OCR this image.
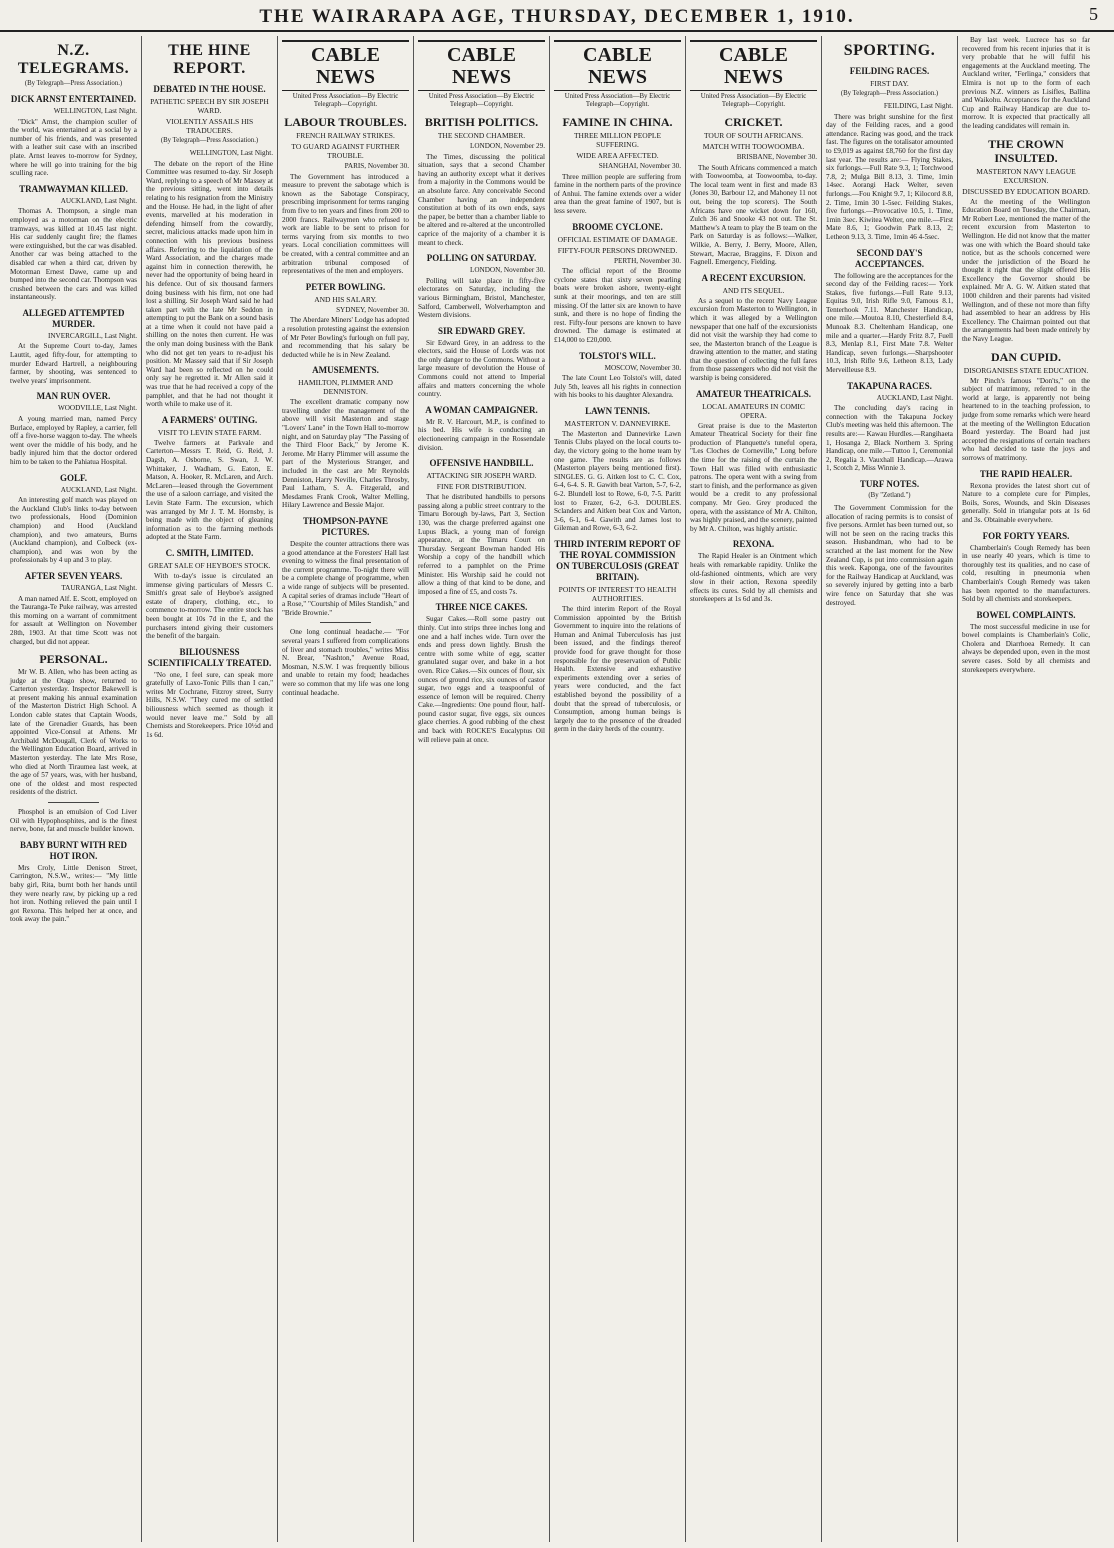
THE WAIRARAPA AGE, THURSDAY, DECEMBER 1, 1910.	5
N.Z. TELEGRAMS.
(By Telegraph—Press Association.)
DICK ARNST ENTERTAINED.
WELLINGTON, Last Night.

"Dick" Arnst, the champion sculler of the world, was entertained at a social by a number of his friends, and was presented with a leather suit case with an inscribed plate. Arnst leaves to-morrow for Sydney, where he will go into training for the big sculling race.

TRAMWAYMAN KILLED.
AUCKLAND, Last Night.

Thomas A. Thompson, a single man employed as a motorman on the electric tramways, was killed at 10.45 last night. His car suddenly caught fire; the flames were extinguished, but the car was disabled. Another car was being attached to the disabled car when a third car, driven by Motorman Ernest Dawe, came up and bumped into the second car. Thompson was crushed between the cars and was killed instantaneously.

ALLEGED ATTEMPTED MURDER.
INVERCARGILL, Last Night.

At the Supreme Court to-day, James Lauttit, aged fifty-four, for attempting to murder Edward Hartrell, a neighbouring farmer, by shooting, was sentenced to twelve years' imprisonment.

MAN RUN OVER.
WOODVILLE, Last Night.

A young married man, named Percy Burlace, employed by Rapley, a carrier, fell off a five-horse waggon to-day. The wheels went over the middle of his body, and he badly injured him that the doctor ordered him to be taken to the Pahiatua Hospital.

GOLF.
AUCKLAND, Last Night.

An interesting golf match was played on the Auckland Club's links to-day between two professionals, Hood (Dominion champion) and Hood (Auckland champion), and two amateurs, Burns (Auckland champion), and Colbeck (ex-champion), and was won by the professionals by 4 up and 3 to play.

AFTER SEVEN YEARS.
TAURANGA, Last Night.

A man named Alf. E. Scott, employed on the Tauranga-Te Puke railway, was arrested this morning on a warrant of commitment for assault at Wellington on November 28th, 1903. At that time Scott was not charged, but did not appear.

PERSONAL.

Mr W. B. Allen, who has been acting as judge at the Otago show, returned to Carterton yesterday. Inspector Bakewell is at present making his annual examination of the Masterton District High School. A London cable states that Captain Woods, late of the Grenadier Guards, has been appointed Vice-Consul at Athens. Mr Archibald McDougall, Clerk of Works to the Wellington Education Board, arrived in Masterton yesterday. The late Mrs Rose, who died at North Tiraumea last week, at the age of 57 years, was, with her husband, one of the oldest and most respected residents of the district.

Phosphol is an emulsion of Cod Liver Oil with Hypophosphites, and is the finest nerve, bone, fat and muscle builder known.

BABY BURNT WITH RED HOT IRON.

Mrs Croly, Little Denison Street, Carrington, N.S.W., writes:— "My little baby girl, Rita, burnt both her hands until they were nearly raw, by picking up a red hot iron. Nothing relieved the pain until I got Rexona. This helped her at once, and took away the pain."

THE HINE REPORT.
DEBATED IN THE HOUSE.
PATHETIC SPEECH BY SIR JOSEPH WARD.
VIOLENTLY ASSAILS HIS TRADUCERS.
(By Telegraph—Press Association.)
WELLINGTON, Last Night.

The debate on the report of the Hine Committee was resumed to-day. Sir Joseph Ward, replying to a speech of Mr Massey at the previous sitting, went into details relating to his resignation from the Ministry and the House. He had, in the light of after events, marvelled at his moderation in defending himself from the cowardly, secret, malicious attacks made upon him in connection with his previous business affairs. Referring to the liquidation of the Ward Association, and the charges made against him in connection therewith, he never had the opportunity of being heard in his defence. Out of six thousand farmers doing business with his firm, not one had lost a shilling. Sir Joseph Ward said he had taken part with the late Mr Seddon in attempting to put the Bank on a sound basis at a time when it could not have paid a shilling on the notes then current. He was the only man doing business with the Bank who did not get ten years to re-adjust his position. Mr Massey said that if Sir Joseph Ward had been so reflected on he could only say he regretted it. Mr Allen said it was true that he had received a copy of the pamphlet, and that he had not thought it worth while to make use of it.

A FARMERS' OUTING.
VISIT TO LEVIN STATE FARM.

Twelve farmers at Parkvale and Carterton—Messrs T. Reid, G. Reid, J. Dagsh, A. Osborne, S. Swan, J. W. Whittaker, J. Wadham, G. Eaton, E. Matson, A. Hooker, R. McLaren, and Arch. McLaren—leased through the Government the use of a saloon carriage, and visited the Levin State Farm. The excursion, which was arranged by Mr J. T. M. Hornsby, is being made with the object of gleaning information as to the farming methods adopted at the State Farm.

C. SMITH, LIMITED.
GREAT SALE OF HEYBOE'S STOCK.

With to-day's issue is circulated an immense giving particulars of Messrs C. Smith's great sale of Heyboe's assigned estate of drapery, clothing, etc., to commence to-morrow. The entire stock has been bought at 10s 7d in the £, and the purchasers intend giving their customers the benefit of the bargain.

BILIOUSNESS SCIENTIFICALLY TREATED.

"No one, I feel sure, can speak more gratefully of Laxo-Tonic Pills than I can," writes Mr Cochrane, Fitzroy street, Surry Hills, N.S.W. "They cured me of settled biliousness which seemed as though it would never leave me." Sold by all Chemists and Storekeepers. Price 10½d and 1s 6d.

CABLE NEWS
United Press Association—By Electric Telegraph—Copyright.
LABOUR TROUBLES.
FRENCH RAILWAY STRIKES.
TO GUARD AGAINST FURTHER TROUBLE.
PARIS, November 30.

The Government has introduced a measure to prevent the sabotage which is known as the Sabotage Conspiracy, prescribing imprisonment for terms ranging from five to ten years and fines from 200 to 2000 francs. Railwaymen who refused to work are liable to be sent to prison for terms varying from six months to two years. Local conciliation committees will be created, with a central committee and an arbitration tribunal composed of representatives of the men and employers.

PETER BOWLING.
AND HIS SALARY.
SYDNEY, November 30.

The Aberdare Miners' Lodge has adopted a resolution protesting against the extension of Mr Peter Bowling's furlough on full pay, and recommending that his salary be deducted while he is in New Zealand.

AMUSEMENTS.
HAMILTON, PLIMMER AND DENNISTON.

The excellent dramatic company now travelling under the management of the above will visit Masterton and stage "Lovers' Lane" in the Town Hall to-morrow night, and on Saturday play "The Passing of the Third Floor Back," by Jerome K. Jerome. Mr Harry Plimmer will assume the part of the Mysterious Stranger, and included in the cast are Mr Reynolds Denniston, Harry Neville, Charles Throsby, Paul Latham, S. A. Fitzgerald, and Mesdames Frank Crook, Walter Melling, Hilary Lawrence and Bessie Major.

THOMPSON-PAYNE PICTURES.

Despite the counter attractions there was a good attendance at the Foresters' Hall last evening to witness the final presentation of the current programme. To-night there will be a complete change of programme, when a wide range of subjects will be presented. A capital series of dramas include "Heart of a Rose," "Courtship of Miles Standish," and "Bride Brownie."

One long continual headache.— "For several years I suffered from complications of liver and stomach troubles," writes Miss N. Brear, "Nashton," Avenue Road, Mosman, N.S.W. I was frequently bilious and unable to retain my food; headaches were so common that my life was one long continual headache.

CABLE NEWS
United Press Association—By Electric Telegraph—Copyright.
BRITISH POLITICS.
THE SECOND CHAMBER.
LONDON, November 29.

The Times, discussing the political situation, says that a second Chamber having an authority except what it derives from a majority in the Commons would be an absolute farce. Any conceivable Second Chamber having an independent constitution at both of its own ends, says the paper, be better than a chamber liable to be altered and re-altered at the uncontrolled caprice of the majority of a chamber it is meant to check.

POLLING ON SATURDAY.
LONDON, November 30.

Polling will take place in fifty-five electorates on Saturday, including the various Birmingham, Bristol, Manchester, Salford, Camberwell, Wolverhampton and Western divisions.

SIR EDWARD GREY.

Sir Edward Grey, in an address to the electors, said the House of Lords was not the only danger to the Commons. Without a large measure of devolution the House of Commons could not attend to Imperial affairs and matters concerning the whole country.

A WOMAN CAMPAIGNER.

Mr R. V. Harcourt, M.P., is confined to his bed. His wife is conducting an electioneering campaign in the Rossendale division.

OFFENSIVE HANDBILL.
ATTACKING SIR JOSEPH WARD.
FINE FOR DISTRIBUTION.

That he distributed handbills to persons passing along a public street contrary to the Timaru Borough by-laws, Part 3, Section 130, was the charge preferred against one Lupus Black, a young man of foreign appearance, at the Timaru Court on Thursday. Sergeant Bowman handed His Worship a copy of the handbill which referred to a pamphlet on the Prime Minister. His Worship said he could not allow a thing of that kind to be done, and imposed a fine of £5, and costs 7s.

THREE NICE CAKES.

Sugar Cakes.—Roll some pastry out thinly. Cut into strips three inches long and one and a half inches wide. Turn over the ends and press down lightly. Brush the centre with some white of egg, scatter granulated sugar over, and bake in a hot oven. Rice Cakes.—Six ounces of flour, six ounces of ground rice, six ounces of castor sugar, two eggs and a teaspoonful of essence of lemon will be required. Cherry Cake.—Ingredients: One pound flour, half-pound castor sugar, five eggs, six ounces glace cherries. A good rubbing of the chest and back with ROCKE'S Eucalyptus Oil will relieve pain at once.

CABLE NEWS
United Press Association—By Electric Telegraph—Copyright.
FAMINE IN CHINA.
THREE MILLION PEOPLE SUFFERING.
WIDE AREA AFFECTED.
SHANGHAI, November 30.

Three million people are suffering from famine in the northern parts of the province of Anhui. The famine extends over a wider area than the great famine of 1907, but is less severe.

BROOME CYCLONE.
OFFICIAL ESTIMATE OF DAMAGE.
FIFTY-FOUR PERSONS DROWNED.
PERTH, November 30.

The official report of the Broome cyclone states that sixty seven pearling boats were broken ashore, twenty-eight sunk at their moorings, and ten are still missing. Of the latter six are known to have sunk, and there is no hope of finding the rest. Fifty-four persons are known to have drowned. The damage is estimated at £14,000 to £20,000.

TOLSTOI'S WILL.
MOSCOW, November 30.

The late Count Leo Tolstoi's will, dated July 5th, leaves all his rights in connection with his books to his daughter Alexandra.

LAWN TENNIS.
MASTERTON V. DANNEVIRKE.

The Masterton and Dannevirke Lawn Tennis Clubs played on the local courts to-day, the victory going to the home team by one game. The results are as follows (Masterton players being mentioned first). SINGLES. G. G. Aitken lost to C. C. Cox, 6-4, 6-4. S. R. Gawith beat Varton, 5-7, 6-2, 6-2. Blundell lost to Rowe, 6-0, 7-5. Paritt lost to Frazer, 6-2, 6-3. DOUBLES. Sclanders and Aitken beat Cox and Varton, 3-6, 6-1, 6-4. Gawith and James lost to Gileman and Rowe, 6-3, 6-2.

THIRD INTERIM REPORT OF THE ROYAL COMMISSION ON TUBERCULOSIS (GREAT BRITAIN).
POINTS OF INTEREST TO HEALTH AUTHORITIES.

The third interim Report of the Royal Commission appointed by the British Government to inquire into the relations of Human and Animal Tuberculosis has just been issued, and the findings thereof provide food for grave thought for those responsible for the preservation of Public Health. Extensive and exhaustive experiments extending over a series of years were conducted, and the fact established beyond the possibility of a doubt that the spread of tuberculosis, or Consumption, among human beings is largely due to the presence of the dreaded germ in the dairy herds of the country.

CABLE NEWS
United Press Association—By Electric Telegraph—Copyright.
CRICKET.
TOUR OF SOUTH AFRICANS.
MATCH WITH TOOWOOMBA.
BRISBANE, November 30.

The South Africans commenced a match with Toowoomba, at Toowoomba, to-day. The local team went in first and made 83 (Jones 30, Barbour 12, and Mahoney 11 not out, being the top scorers). The South Africans have one wicket down for 160, Zulch 36 and Snooke 43 not out. The St. Matthew's A team to play the B team on the Park on Saturday is as follows:—Walker, Wilkie, A. Berry, J. Berry, Moore, Allen, Stewart, Macrae, Braggins, F. Dixon and Fagnell. Emergency, Fielding.

A RECENT EXCURSION.
AND ITS SEQUEL.

As a sequel to the recent Navy League excursion from Masterton to Wellington, in which it was alleged by a Wellington newspaper that one half of the excursionists did not visit the warship they had come to see, the Masterton branch of the League is drawing attention to the matter, and stating that the question of collecting the full fares from those passengers who did not visit the warship is being considered.

AMATEUR THEATRICALS.
LOCAL AMATEURS IN COMIC OPERA.

Great praise is due to the Masterton Amateur Theatrical Society for their fine production of Planquette's tuneful opera, "Les Cloches de Corneville," Long before the time for the raising of the curtain the Town Hall was filled with enthusiastic patrons. The opera went with a swing from start to finish, and the performance as given would be a credit to any professional company. Mr Geo. Grey produced the opera, with the assistance of Mr A. Chilton, was highly praised, and the scenery, painted by Mr A. Chilton, was highly artistic.

REXONA.

The Rapid Healer is an Ointment which heals with remarkable rapidity. Unlike the old-fashioned ointments, which are very slow in their action, Rexona speedily effects its cures. Sold by all chemists and storekeepers at 1s 6d and 3s.

SPORTING.
FEILDING RACES.
FIRST DAY.
(By Telegraph—Press Association.)
FEILDING, Last Night.

There was bright sunshine for the first day of the Feilding races, and a good attendance. Racing was good, and the track fast. The figures on the totalisator amounted to £9,019 as against £8,760 for the first day last year. The results are:— Flying Stakes, six furlongs.—Full Rate 9.3, 1; Torchwood 7.8, 2; Mulga Bill 8.13, 3. Time, 1min 14sec. Aorangi Hack Welter, seven furlongs.—Fou Knight 9.7, 1; Kilocord 8.8, 2. Time, 1min 30 1-5sec. Feilding Stakes, five furlongs.—Provocative 10.5, 1. Time, 1min 3sec. Kiwitea Welter, one mile.—First Mate 8.6, 1; Goodwin Park 8.13, 2; Letheon 9.13, 3. Time, 1min 46 4-5sec.

SECOND DAY'S ACCEPTANCES.

The following are the acceptances for the second day of the Feilding races:— York Stakes, five furlongs.—Full Rate 9.13, Equitas 9.0, Irish Rifle 9.0, Famous 8.1, Tenterhook 7.11. Manchester Handicap, one mile.—Moutoa 8.10, Chesterfield 8.4, Munoak 8.3. Cheltenham Handicap, one mile and a quarter.—Hardy Fritz 8.7, Fuell 8.3, Menlap 8.1, First Mate 7.8. Welter Handicap, seven furlongs.—Sharpshooter 10.3, Irish Rifle 9.6, Letheon 8.13, Lady Merveilleuse 8.9.

TAKAPUNA RACES.
AUCKLAND, Last Night.

The concluding day's racing in connection with the Takapuna Jockey Club's meeting was held this afternoon. The results are:— Kawau Hurdles.—Rangihaeta 1, Hosanga 2, Black Northern 3. Spring Handicap, one mile.—Tuttoo 1, Ceremonial 2, Regalia 3. Vauxhall Handicap.—Arawa 1, Scotch 2, Miss Winnie 3.

TURF NOTES.
(By "Zetland.")

The Government Commission for the allocation of racing permits is to consist of five persons. Armlet has been turned out, so will not be seen on the racing tracks this season. Husbandman, who had to be scratched at the last moment for the New Zealand Cup, is put into commission again this week. Kaponga, one of the favourites for the Railway Handicap at Auckland, was so severely injured by getting into a barb wire fence on Saturday that she was destroyed.

Bay last week. Lucrece has so far recovered from his recent injuries that it is very probable that he will fulfil his engagements at the Auckland meeting. The Auckland writer, "Ferlinga," considers that Elmira is not up to the form of each previous N.Z. winners as Lisifles, Ballina and Waikohu. Acceptances for the Auckland Cup and Railway Handicap are due to-morrow. It is expected that practically all the leading candidates will remain in.

THE CROWN INSULTED.
MASTERTON NAVY LEAGUE EXCURSION.
DISCUSSED BY EDUCATION BOARD.

At the meeting of the Wellington Education Board on Tuesday, the Chairman, Mr Robert Lee, mentioned the matter of the recent excursion from Masterton to Wellington. He did not know that the matter was one with which the Board should take notice, but as the schools concerned were under the jurisdiction of the Board he thought it right that the slight offered His Excellency the Governor should be explained. Mr A. G. W. Aitken stated that 1000 children and their parents had visited Wellington, and of these not more than fifty had assembled to hear an address by His Excellency. The Chairman pointed out that the arrangements had been made entirely by the Navy League.

DAN CUPID.
DISORGANISES STATE EDUCATION.

Mr Pinch's famous "Don'ts," on the subject of matrimony, referred to in the world at large, is apparently not being heartened to in the teaching profession, to judge from some remarks which were heard at the meeting of the Wellington Education Board yesterday. The Board had just accepted the resignations of certain teachers who had decided to taste the joys and sorrows of matrimony.

THE RAPID HEALER.

Rexona provides the latest short cut of Nature to a complete cure for Pimples, Boils, Sores, Wounds, and Skin Diseases generally. Sold in triangular pots at 1s 6d and 3s. Obtainable everywhere.

FOR FORTY YEARS.

Chamberlain's Cough Remedy has been in use nearly 40 years, which is time to thoroughly test its qualities, and no case of cold, resulting in pneumonia when Chamberlain's Cough Remedy was taken has been reported to the manufacturers. Sold by all chemists and storekeepers.

BOWEL COMPLAINTS.

The most successful medicine in use for bowel complaints is Chamberlain's Colic, Cholera and Diarrhoea Remedy. It can always be depended upon, even in the most severe cases. Sold by all chemists and storekeepers everywhere.
